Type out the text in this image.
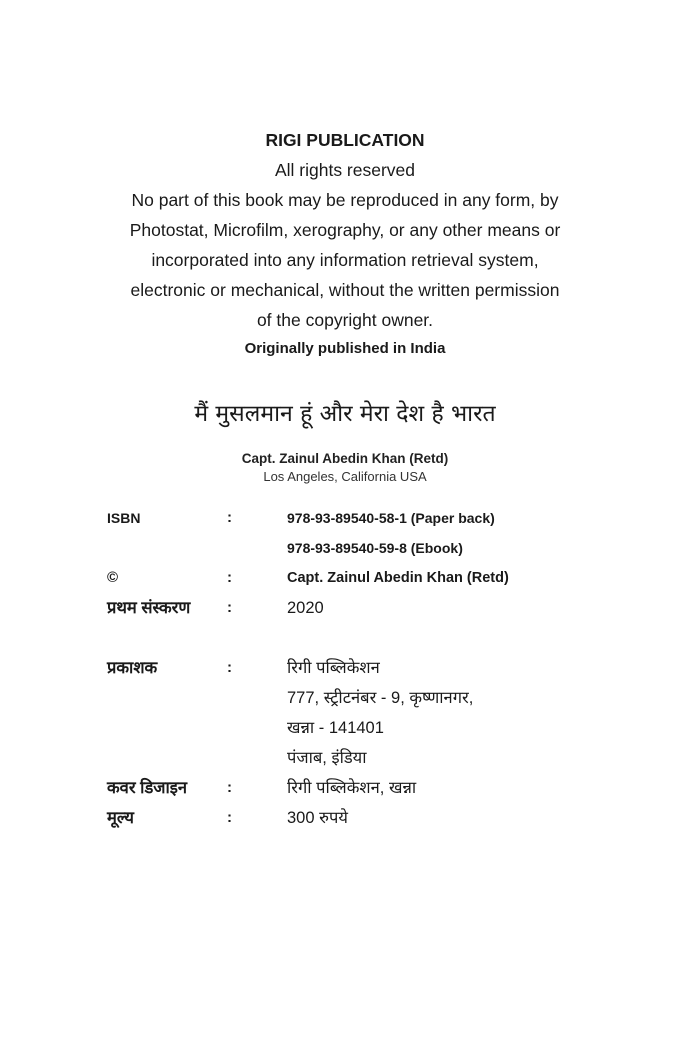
RIGI PUBLICATION
All rights reserved
No part of this book may be reproduced in any form, by
Photostat, Microfilm, xerography, or any other means or
incorporated into any information retrieval system,
electronic or mechanical, without the written permission
of the copyright owner.
Originally published in India
मैं मुसलमान हूं और मेरा देश है भारत
Capt. Zainul Abedin Khan (Retd)
Los Angeles, California USA
ISBN	:	978-93-89540-58-1 (Paper back)
978-93-89540-59-8 (Ebook)
©	:	Capt. Zainul Abedin Khan (Retd)
प्रथम संस्करण :	2020
प्रकाशक	:	रिगी पब्लिकेशन
777, स्ट्रीटनंबर - 9, कृष्णानगर,
खन्ना - 141401
पंजाब, इंडिया
कवर डिजाइन	:	रिगी पब्लिकेशन, खन्ना
मूल्य	:	300 रुपये
